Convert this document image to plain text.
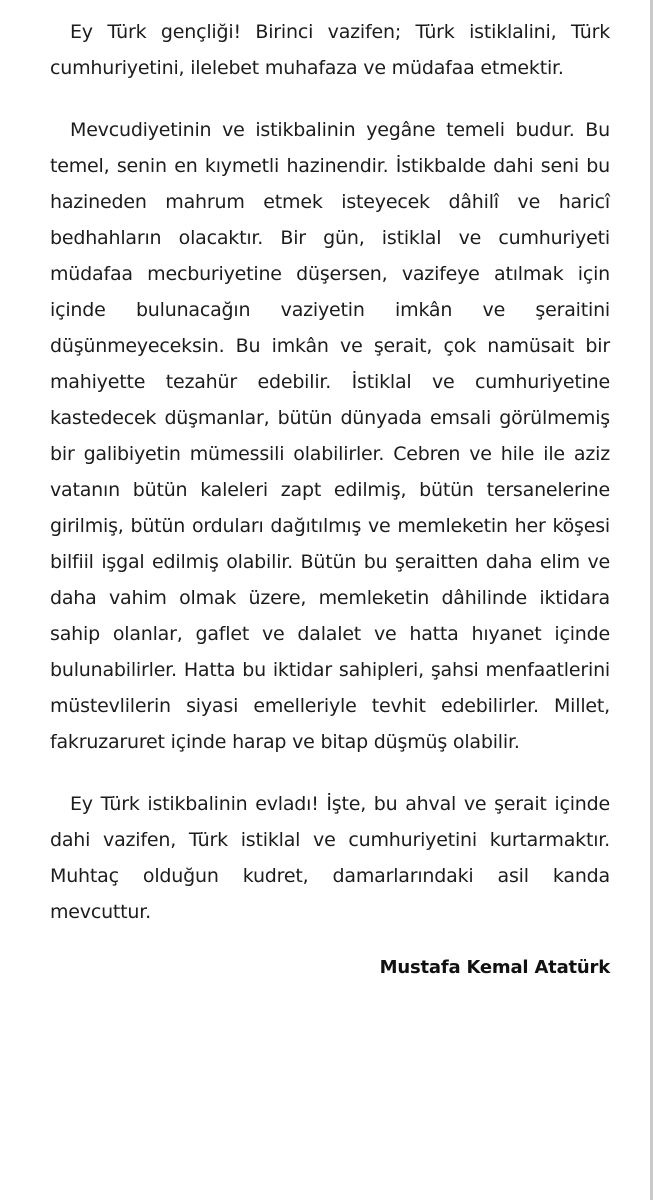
Ey Türk gençliği! Birinci vazifen; Türk istiklalini, Türk cumhuriyetini, ilelebet muhafaza ve müdafaa etmektir.

Mevcudiyetinin ve istikbalinin yegâne temeli budur. Bu temel, senin en kıymetli hazinendir. İstikbalde dahi seni bu hazineden mahrum etmek isteyecek dâhilî ve haricî bedhahların olacaktır. Bir gün, istiklal ve cumhuriyeti müdafaa mecburiyetine düşersen, vazifeye atılmak için içinde bulunacağın vaziyetin imkân ve şeraitini düşünmeyeceksin. Bu imkân ve şerait, çok namüsait bir mahiyette tezahür edebilir. İstiklal ve cumhuriyetine kastedecek düşmanlar, bütün dünyada emsali görülmemiş bir galibiyetin mümessili olabilirler. Cebren ve hile ile aziz vatanın bütün kaleleri zapt edilmiş, bütün tersanelerine girilmiş, bütün orduları dağıtılmış ve memleketin her köşesi bilfiil işgal edilmiş olabilir. Bütün bu şeraitten daha elim ve daha vahim olmak üzere, memleketin dâhilinde iktidara sahip olanlar, gaflet ve dalalet ve hatta hıyanet içinde bulunabilirler. Hatta bu iktidar sahipleri, şahsi menfaatlerini müstevlilerin siyasi emelleriyle tevhit edebilirler. Millet, fakruzaruret içinde harap ve bitap düşmüş olabilir.

Ey Türk istikbalinin evladı! İşte, bu ahval ve şerait içinde dahi vazifen, Türk istiklal ve cumhuriyetini kurtarmaktır. Muhtaç olduğun kudret, damarlarındaki asil kanda mevcuttur.

Mustafa Kemal Atatürk
